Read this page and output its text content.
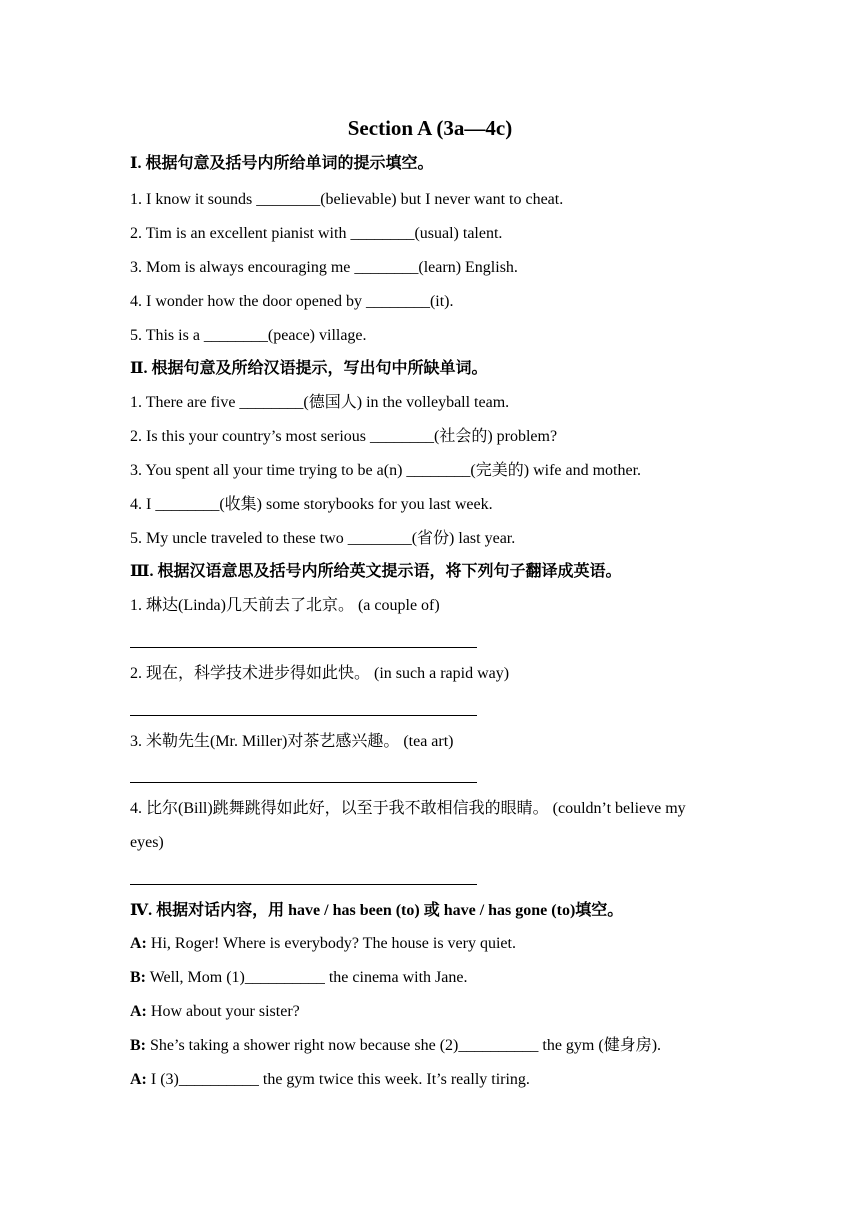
Section A (3a—4c)
Ⅰ. 根据句意及括号内所给单词的提示填空。
1. I know it sounds ________(believable) but I never want to cheat.
2. Tim is an excellent pianist with ________(usual) talent.
3. Mom is always encouraging me ________(learn) English.
4. I wonder how the door opened by ________(it).
5. This is a ________(peace) village.
Ⅱ. 根据句意及所给汉语提示，写出句中所缺单词。
1. There are five ________(德国人) in the volleyball team.
2. Is this your country’s most serious ________(社会的) problem?
3. You spent all your time trying to be a(n) ________(完美的) wife and mother.
4. I ________(收集) some storybooks for you last week.
5. My uncle traveled to these two ________(省份) last year.
Ⅲ. 根据汉语意思及括号内所给英文提示语，将下列句子翻译成英语。
1. 琳达(Linda)几天前去了北京。 (a couple of)
2. 现在，科学技术进步得如此快。 (in such a rapid way)
3. 米勒先生(Mr. Miller)对茶艺感兴趣。 (tea art)
4. 比尔(Bill)跳舞跳得如此好，以至于我不敢相信我的眼睛。 (couldn’t believe my
eyes)
Ⅳ. 根据对话内容，用 have / has been (to) 或 have / has gone (to)填空。
A: Hi, Roger! Where is everybody? The house is very quiet.
B: Well, Mom (1)__________ the cinema with Jane.
A: How about your sister?
B: She’s taking a shower right now because she (2)__________ the gym (健身房).
A: I (3)__________ the gym twice this week. It’s really tiring.
